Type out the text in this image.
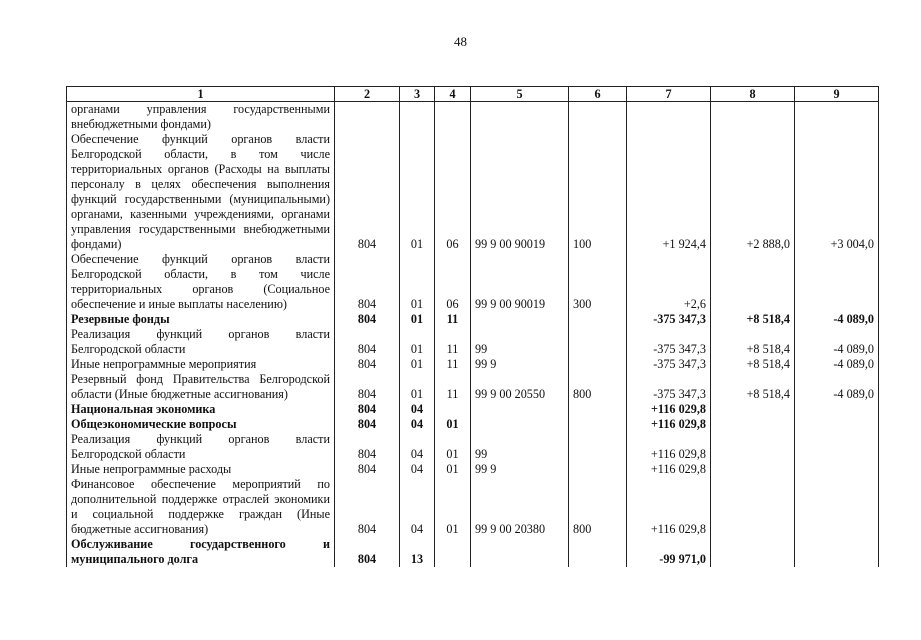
48
1	2	3	4	5	6	7	8	9
органами управления государственными внебюджетными фондами)								
Обеспечение функций органов власти Белгородской области, в том числе территориальных органов (Расходы на выплаты персоналу в целях обеспечения выполнения функций государственными (муниципальными) органами, казенными учреждениями, органами управления государственными внебюджетными фондами)	804	01	06	99 9 00 90019	100	+1 924,4	+2 888,0	+3 004,0
Обеспечение функций органов власти Белгородской области, в том числе территориальных органов (Социальное обеспечение и иные выплаты населению)	804	01	06	99 9 00 90019	300	+2,6		
Резервные фонды	804	01	11			-375 347,3	+8 518,4	-4 089,0
Реализация функций органов власти Белгородской области	804	01	11	99		-375 347,3	+8 518,4	-4 089,0
Иные непрограммные мероприятия	804	01	11	99 9		-375 347,3	+8 518,4	-4 089,0
Резервный фонд Правительства Белгородской области (Иные бюджетные ассигнования)	804	01	11	99 9 00 20550	800	-375 347,3	+8 518,4	-4 089,0
Национальная экономика	804	04				+116 029,8		
Общеэкономические вопросы	804	04	01			+116 029,8		
Реализация функций органов власти Белгородской области	804	04	01	99		+116 029,8		
Иные непрограммные расходы	804	04	01	99 9		+116 029,8		
Финансовое обеспечение мероприятий по дополнительной поддержке отраслей экономики и социальной поддержке граждан (Иные бюджетные ассигнования)	804	04	01	99 9 00 20380	800	+116 029,8		
Обслуживание государственного и муниципального долга	804	13				-99 971,0		
